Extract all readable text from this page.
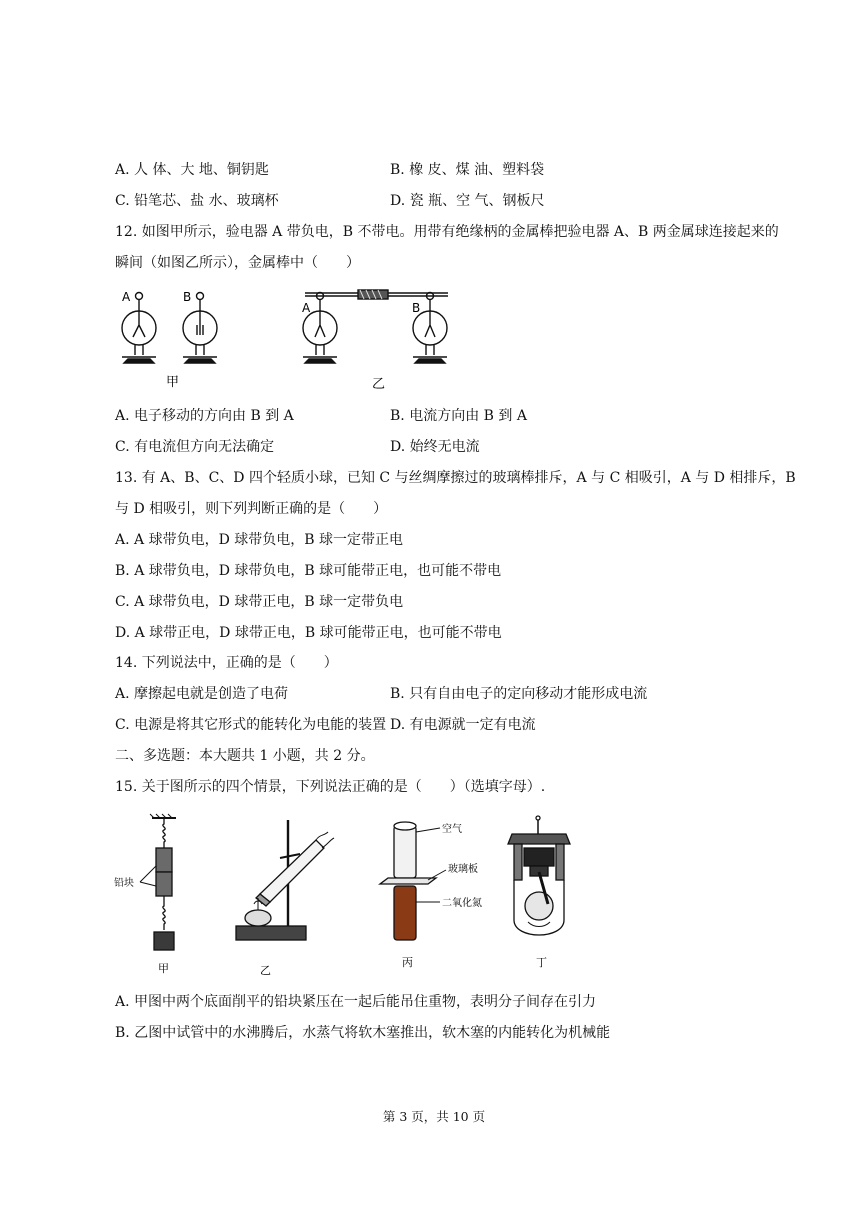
A. 人 体、大 地、铜钥匙	B. 橡 皮、煤 油、塑料袋
C. 铅笔芯、盐 水、玻璃杯	D. 瓷 瓶、空 气、钢板尺
12. 如图甲所示，验电器 A 带负电，B 不带电。用带有绝缘柄的金属棒把验电器 A、B 两金属球连接起来的
瞬间（如图乙所示），金属棒中（　　）
A	B
甲
A	B
乙
A. 电子移动的方向由 B 到 A	B. 电流方向由 B 到 A
C. 有电流但方向无法确定	D. 始终无电流
13. 有 A、B、C、D 四个轻质小球，已知 C 与丝绸摩擦过的玻璃棒排斥，A 与 C 相吸引，A 与 D 相排斥，B
与 D 相吸引，则下列判断正确的是（　　）
A. A 球带负电，D 球带负电，B 球一定带正电
B. A 球带负电，D 球带负电，B 球可能带正电，也可能不带电
C. A 球带负电，D 球带正电，B 球一定带负电
D. A 球带正电，D 球带正电，B 球可能带正电，也可能不带电
14. 下列说法中，正确的是（　　）
A. 摩擦起电就是创造了电荷	B. 只有自由电子的定向移动才能形成电流
C. 电源是将其它形式的能转化为电能的装置 D. 有电源就一定有电流
二、多选题：本大题共 1 小题，共 2 分。
15. 关于图所示的四个情景，下列说法正确的是（　　）（选填字母）.
铅块
甲	乙
空气
玻璃板
二氧化氮
丙	丁
A. 甲图中两个底面削平的铅块紧压在一起后能吊住重物，表明分子间存在引力
B. 乙图中试管中的水沸腾后，水蒸气将软木塞推出，软木塞的内能转化为机械能
第 3 页，共 10 页
